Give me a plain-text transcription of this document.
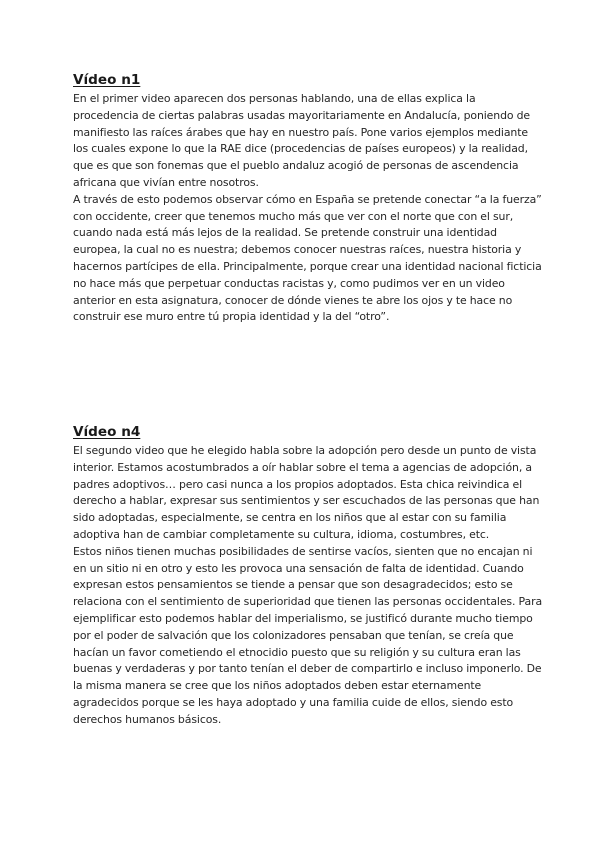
Vídeo n1

En el primer video aparecen dos personas hablando, una de ellas explica la procedencia de ciertas palabras usadas mayoritariamente en Andalucía, poniendo de manifiesto las raíces árabes que hay en nuestro país. Pone varios ejemplos mediante los cuales expone lo que la RAE dice (procedencias de países europeos) y la realidad, que es que son fonemas que el pueblo andaluz acogió de personas de ascendencia africana que vivían entre nosotros.

A través de esto podemos observar cómo en España se pretende conectar “a la fuerza” con occidente, creer que tenemos mucho más que ver con el norte que con el sur, cuando nada está más lejos de la realidad. Se pretende construir una identidad europea, la cual no es nuestra; debemos conocer nuestras raíces, nuestra historia y hacernos partícipes de ella. Principalmente, porque crear una identidad nacional ficticia no hace más que perpetuar conductas racistas y, como pudimos ver en un video anterior en esta asignatura, conocer de dónde vienes te abre los ojos y te hace no construir ese muro entre tú propia identidad y la del “otro”.

Vídeo n4

El segundo video que he elegido habla sobre la adopción pero desde un punto de vista interior. Estamos acostumbrados a oír hablar sobre el tema a agencias de adopción, a padres adoptivos… pero casi nunca a los propios adoptados. Esta chica reivindica el derecho a hablar, expresar sus sentimientos y ser escuchados de las personas que han sido adoptadas, especialmente, se centra en los niños que al estar con su familia adoptiva han de cambiar completamente su cultura, idioma, costumbres, etc.

Estos niños tienen muchas posibilidades de sentirse vacíos, sienten que no encajan ni en un sitio ni en otro y esto les provoca una sensación de falta de identidad. Cuando expresan estos pensamientos se tiende a pensar que son desagradecidos; esto se relaciona con el sentimiento de superioridad que tienen las personas occidentales. Para ejemplificar esto podemos hablar del imperialismo, se justificó durante mucho tiempo por el poder de salvación que los colonizadores pensaban que tenían, se creía que hacían un favor cometiendo el etnocidio puesto que su religión y su cultura eran las buenas y verdaderas y por tanto tenían el deber de compartirlo e incluso imponerlo. De la misma manera se cree que los niños adoptados deben estar eternamente agradecidos porque se les haya adoptado y una familia cuide de ellos, siendo esto derechos humanos básicos.
